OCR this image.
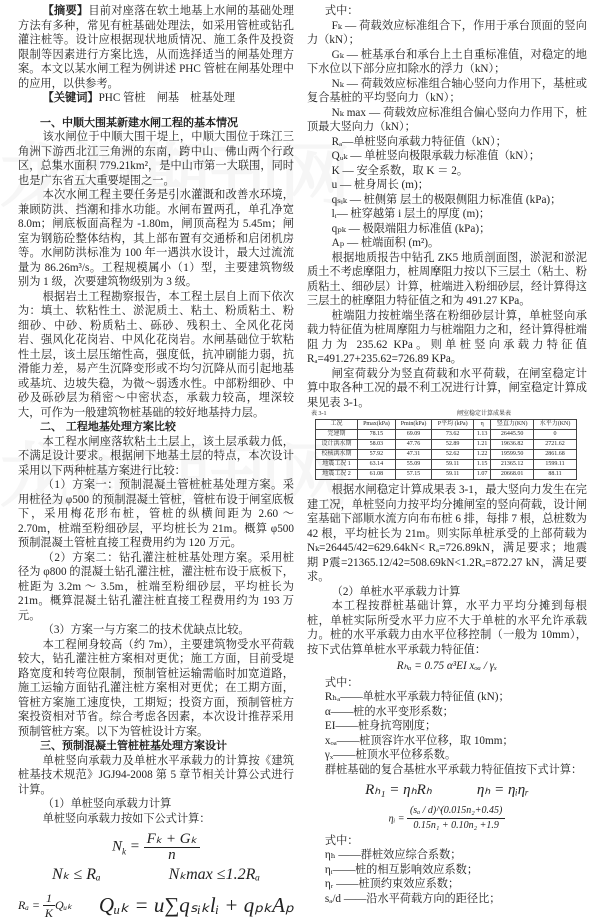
【摘要】目前对座落在软土地基上水闸的基础处理方法有多种，常见有桩基础处理法，如采用管桩或钻孔灌注桩等。设计应根据现状地质情况、施工条件及投资限制等因素进行方案比选，从而选择适当的闸基处理方案。本文以某水闸工程为例讲述 PHC 管桩在闸基处理中的应用，以供参考。

【关键词】PHC 管桩　闸基　桩基处理

一、中顺大围某新建水闸工程的基本情况
该水闸位于中顺大围干堤上，中顺大围位于珠江三角洲下游西北江三角洲的东南，跨中山、佛山两个行政区，总集水面积 779.21km²，是中山市第一大联围，同时也是广东省五大重要堤围之一。
本次水闸工程主要任务是引水灌溉和改善水环境，兼顾防洪、挡潮和排水功能。水闸布置两孔，单孔净宽 8.0m；闸底板面高程为 -1.80m，闸顶高程为 5.45m；闸室为钢筋砼整体结构，其上部布置有交通桥和启闭机房等。水闸防洪标准为 100 年一遇洪水设计，最大过流流量为 86.26m³/s。工程规模属小（1）型，主要建筑物级别为 1 级，次要建筑物级别为 3 级。
根据岩土工程勘察报告，本工程土层自上而下依次为：填土、软粘性土、淤泥质土、粘土、粉质粘土、粉细砂、中砂、粉质粘土、砾砂、残积土、全风化花岗岩、强风化花岗岩、中风化花岗岩。水闸基础位于软粘性土层，该土层压缩性高，强度低，抗冲刷能力弱，抗滑能力差，易产生沉降变形或不均匀沉降从而引起地基或基坑、边坡失稳，为微～弱透水性。中部粉细砂、中砂及砾砂层为稍密～中密状态，承载力较高，埋深较大，可作为一般建筑物桩基础的较好地基持力层。
二、 工程地基处理方案比较
本工程水闸座落软粘土土层上，该土层承载力低，不满足设计要求。根据闸下地基土层的特点，本次设计采用以下两种桩基方案进行比较：
（1）方案一：预制混凝土管桩桩基处理方案。采用桩径为 φ500 的预制混凝土管桩，管桩布设于闸室底板下，采用梅花形布桩，管桩的纵横间距为 2.60 ～ 2.70m，桩端至粉细砂层，平均桩长为 21m。概算 φ500 预制混凝土管桩直接工程费用约为 120 万元。
（2）方案二：钻孔灌注桩桩基处理方案。采用桩径为 φ800 的混凝土钻孔灌注桩，灌注桩布设于底板下，桩距为 3.2m ～ 3.5m，桩端至粉细砂层，平均桩长为 21m。概算混凝土钻孔灌注桩直接工程费用约为 193 万元。
（3）方案一与方案二的技术优缺点比较。
本工程闸身较高（约 7m），主要建筑物受水平荷载较大，钻孔灌注桩方案相对更优；施工方面，目前受堤路宽度和转弯位限制，预制管桩运输需临时加宽道路，施工运输方面钻孔灌注桩方案相对更优；在工期方面，管桩方案施工速度快，工期短；投资方面，预制管桩方案投资相对节省。综合考虑各因素，本次设计推荐采用预制管桩方案。以下为管桩设计方案。
三、预制混凝土管桩桩基处理方案设计
单桩竖向承载力及单桩水平承载力的计算按《建筑桩基技术规范》JGJ94-2008 第 5 章节相关计算公式进行计算。
（1）单桩竖向承载力计算
单桩竖向承载力按如下公式计算：
$N_k = \frac{\text{Fₖ + Gₖ}}{n}$
Nₖ ≤ Rₐ	Nₖmax ≤1.2Rₐ
$R_a = \frac{1}{K}$ Qᵤₖ Qᵤₖ = u∑qₛᵢₖlᵢ + qₚₖAₚ
式中：
Fₖ — 荷载效应标准组合下，作用于承台顶面的竖向力（kN）；
Gₖ — 桩基承台和承台上土自重标准值，对稳定的地下水位以下部分应扣除水的浮力（kN）；
Nₖ — 荷载效应标准组合轴心竖向力作用下，基桩或复合基桩的平均竖向力（kN）；
Nₖ max — 荷载效应标准组合偏心竖向力作用下，桩顶最大竖向力（kN）；
Rₐ—单桩竖向承载力特征值（kN）；
Qᵤₖ — 单桩竖向极限承载力标准值（kN）；
K — 安全系数，取 K ＝ 2。
u — 桩身周长 (m)；
qₛᵢₖ — 桩侧第 层土的极限侧阻力标准值 (kPa)；
lᵢ— 桩穿越第 i 层土的厚度 (m)；
qₚₖ — 极限端阻力标准值 (kPa)；
Aₚ — 桩端面积 (m²)。
根据地质报告中钻孔 ZK5 地质剖面图，淤泥和淤泥质土不考虑摩阻力，桩周摩阻力按以下三层土（粘土、粉质粘土、细砂层）计算，桩端进入粉细砂层，经计算得这三层土的桩摩阻力特征值之和为 491.27 KPa。
桩端阻力按桩端坐落在粉细砂层计算，单桩竖向承载力特征值为桩周摩阻力与桩端阻力之和，经计算得桩端阻力为 235.62 KPa。则单桩竖向承载力特征值 Rₐ=491.27+235.62=726.89 KPa。
闸室荷载分为竖直荷载和水平荷载，在闸室稳定计算中取各种工况的最不利工况进行计算，闸室稳定计算成果见表 3-1。
表 3-1	闸室稳定计算成果表
工况	Pmax(kPa)	Pmin(kPa)	P平均 (kPa)	η	竖直力(KN)	水平力(KN)
完建期	78.15	69.09	73.62	1.13	26445.50	0
设计洪水期	58.03	47.76	52.89	1.21	19636.82	2721.62
校核洪水期	57.92	47.31	52.62	1.22	19599.50	2861.68
地震工况 1	63.14	55.09	59.11	1.15	21365.12	1599.11
地震工况 2	61.08	57.15	59.11	1.07	20668.01	88.11
根据水闸稳定计算成果表 3-1，最大竖向力发生在完建工况，单桩竖向力按平均分摊闸室的竖向荷载，设计闸室基础下部顺水流方向布布桩 6 排，每排 7 根，总桩数为 42 根，平均桩长为 21m。则实际单桩承受的上部荷载为 Nₖ=26445/42=629.64kN< Rₐ=726.89kN，满足要求；地震期 P震=21365.12/42=508.69kN<1.2Rₐ=872.27 kN，满足要求。
（2）单桩水平承载力计算
本工程按群桩基础计算，水平力平均分摊到每根桩，单桩实际所受水平力应不大于单桩的水平允许承载力。桩的水平承载力由水平位移控制（一般为 10mm），按下式估算单桩水平承载力特征值：
Rₕₐ = 0.75 α³EI xₒₐ / γₓ
式中：
Rₕₐ——单桩水平承载力特征值 (kN)；
α——桩的水平变形系数；
EI——桩身抗弯刚度；
xₒₐ——桩顶容许水平位移，取 10mm；
γₓ——桩顶水平位移系数。
群桩基础的复合基桩水平承载力特征值按下式计算：
Rₕ₁ = ηₕRₕ　　　ηₕ = ηᵢηᵣ
ηᵢ = $\frac{\text{(sₐ / d)\textasciicircum{}(0.015n₂+0.45)}}{\text{0.15n₁ + 0.10n₂ +1.9}}$
式中：
ηₕ ——群桩效应综合系数；
ηᵢ——桩的相互影响效应系数；
ηᵣ ——桩顶约束效应系数；
sₐ/d ——沿水平荷载方向的距径比；
